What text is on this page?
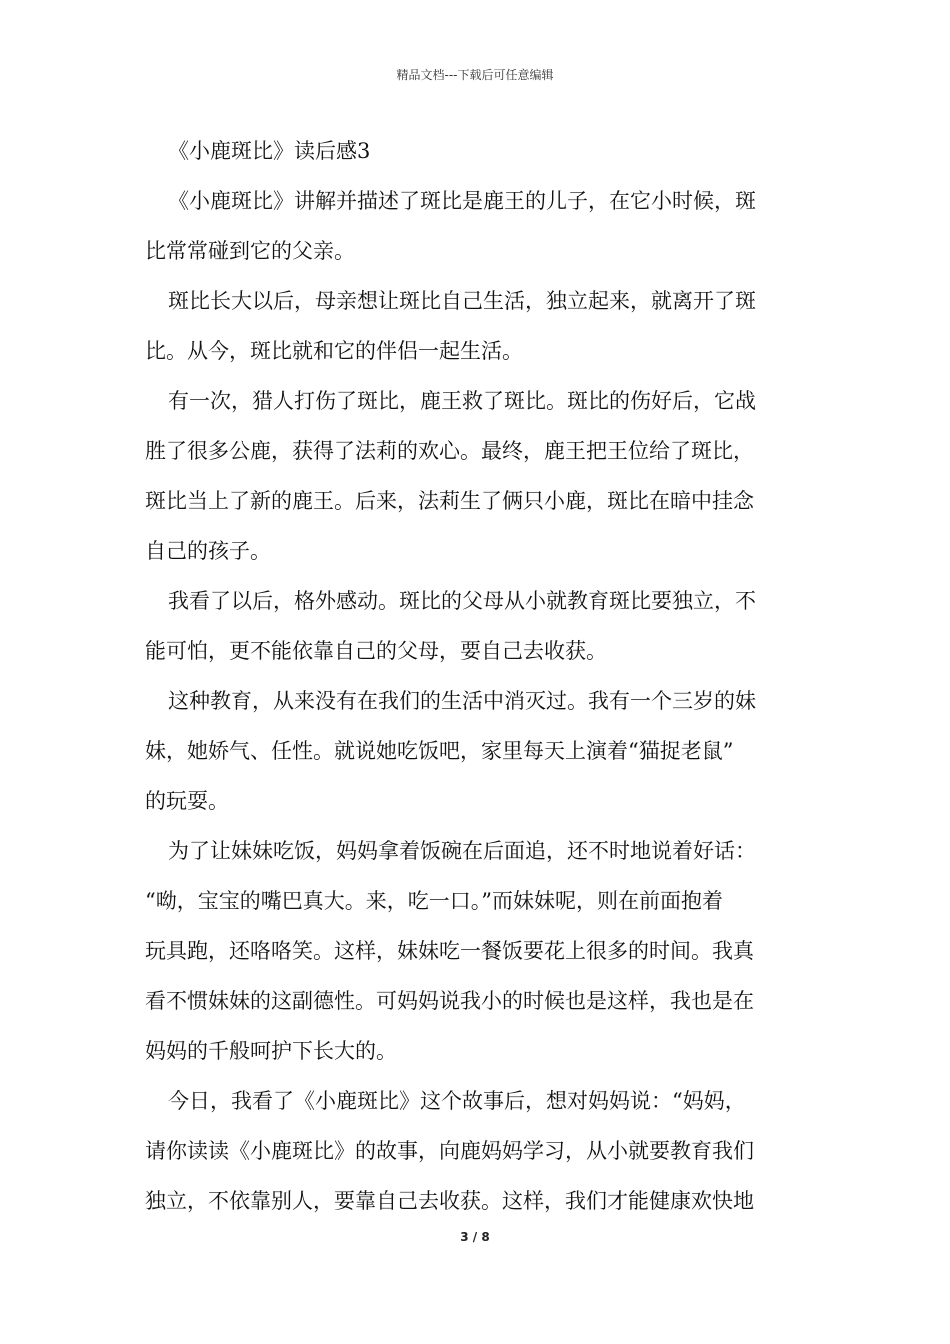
精品文档---下载后可任意编辑
《小鹿斑比》读后感3
《小鹿斑比》讲解并描述了斑比是鹿王的儿子，在它小时候，斑
比常常碰到它的父亲。
斑比长大以后，母亲想让斑比自己生活，独立起来，就离开了斑
比。从今，斑比就和它的伴侣一起生活。
有一次，猎人打伤了斑比，鹿王救了斑比。斑比的伤好后，它战
胜了很多公鹿，获得了法莉的欢心。最终，鹿王把王位给了斑比，
斑比当上了新的鹿王。后来，法莉生了俩只小鹿，斑比在暗中挂念
自己的孩子。
我看了以后，格外感动。斑比的父母从小就教育斑比要独立，不
能可怕，更不能依靠自己的父母，要自己去收获。
这种教育，从来没有在我们的生活中消灭过。我有一个三岁的妹
妹，她娇气、任性。就说她吃饭吧，家里每天上演着“猫捉老鼠”
的玩耍。
为了让妹妹吃饭，妈妈拿着饭碗在后面追，还不时地说着好话：
“呦，宝宝的嘴巴真大。来，吃一口。”而妹妹呢，则在前面抱着
玩具跑，还咯咯笑。这样，妹妹吃一餐饭要花上很多的时间。我真
看不惯妹妹的这副德性。可妈妈说我小的时候也是这样，我也是在
妈妈的千般呵护下长大的。
今日，我看了《小鹿斑比》这个故事后，想对妈妈说：“妈妈，
请你读读《小鹿斑比》的故事，向鹿妈妈学习，从小就要教育我们
独立，不依靠别人，要靠自己去收获。这样，我们才能健康欢快地
3 / 8
